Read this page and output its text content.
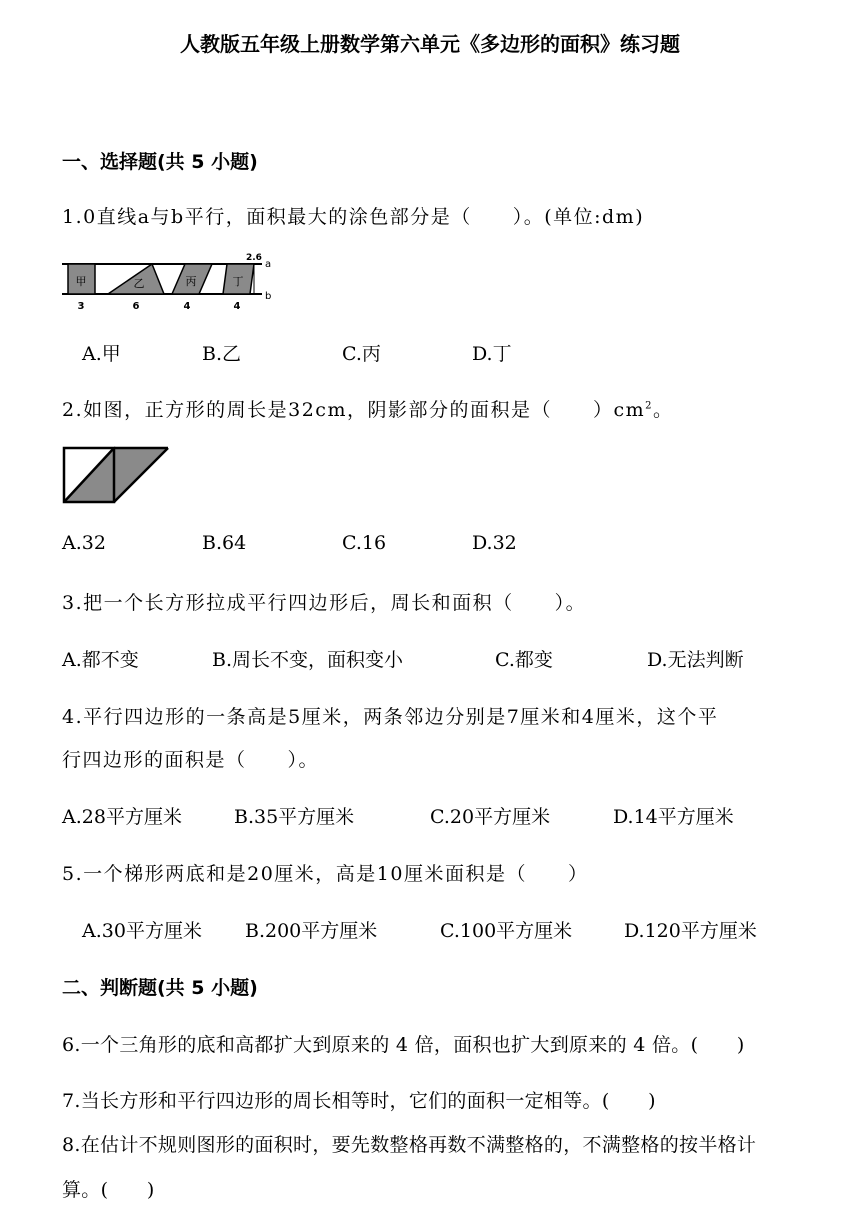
人教版五年级上册数学第六单元《多边形的面积》练习题
一、选择题(共 5 小题)
1.0直线a与b平行，面积最大的涂色部分是（　　）。(单位:dm)
甲	乙	丙	丁
2.6
a
b
3	6	4	4
A.甲	B.乙	C.丙	D.丁
2.如图，正方形的周长是32cm，阴影部分的面积是（　　）$cm^2$。
A.32	B.64	C.16	D.32
3.把一个长方形拉成平行四边形后，周长和面积（　　）。
A.都不变	B.周长不变，面积变小	C.都变	D.无法判断
4.平行四边形的一条高是5厘米，两条邻边分别是7厘米和4厘米，这个平
行四边形的面积是（　　）。
A.28平方厘米	B.35平方厘米	C.20平方厘米	D.14平方厘米
5.一个梯形两底和是20厘米，高是10厘米面积是（　　）
A.30平方厘米 B.200平方厘米	C.100平方厘米	D.120平方厘米
二、判断题(共 5 小题)
6.一个三角形的底和高都扩大到原来的 4 倍，面积也扩大到原来的 4 倍。(　　)
7.当长方形和平行四边形的周长相等时，它们的面积一定相等。(　　)
8.在估计不规则图形的面积时，要先数整格再数不满整格的，不满整格的按半格计
算。(　　)
